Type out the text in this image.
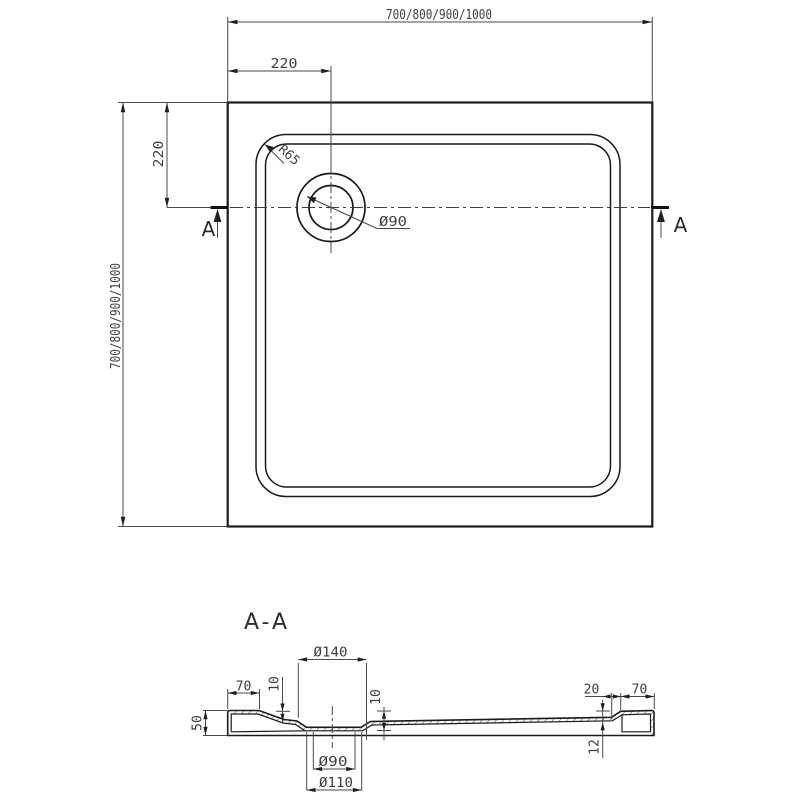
700/800/900/1000
220
700/800/900/1000
220	R65
Ø90
A	A
A-A
70
50
10
Ø140
10	20 70
12
Ø90
Ø110
